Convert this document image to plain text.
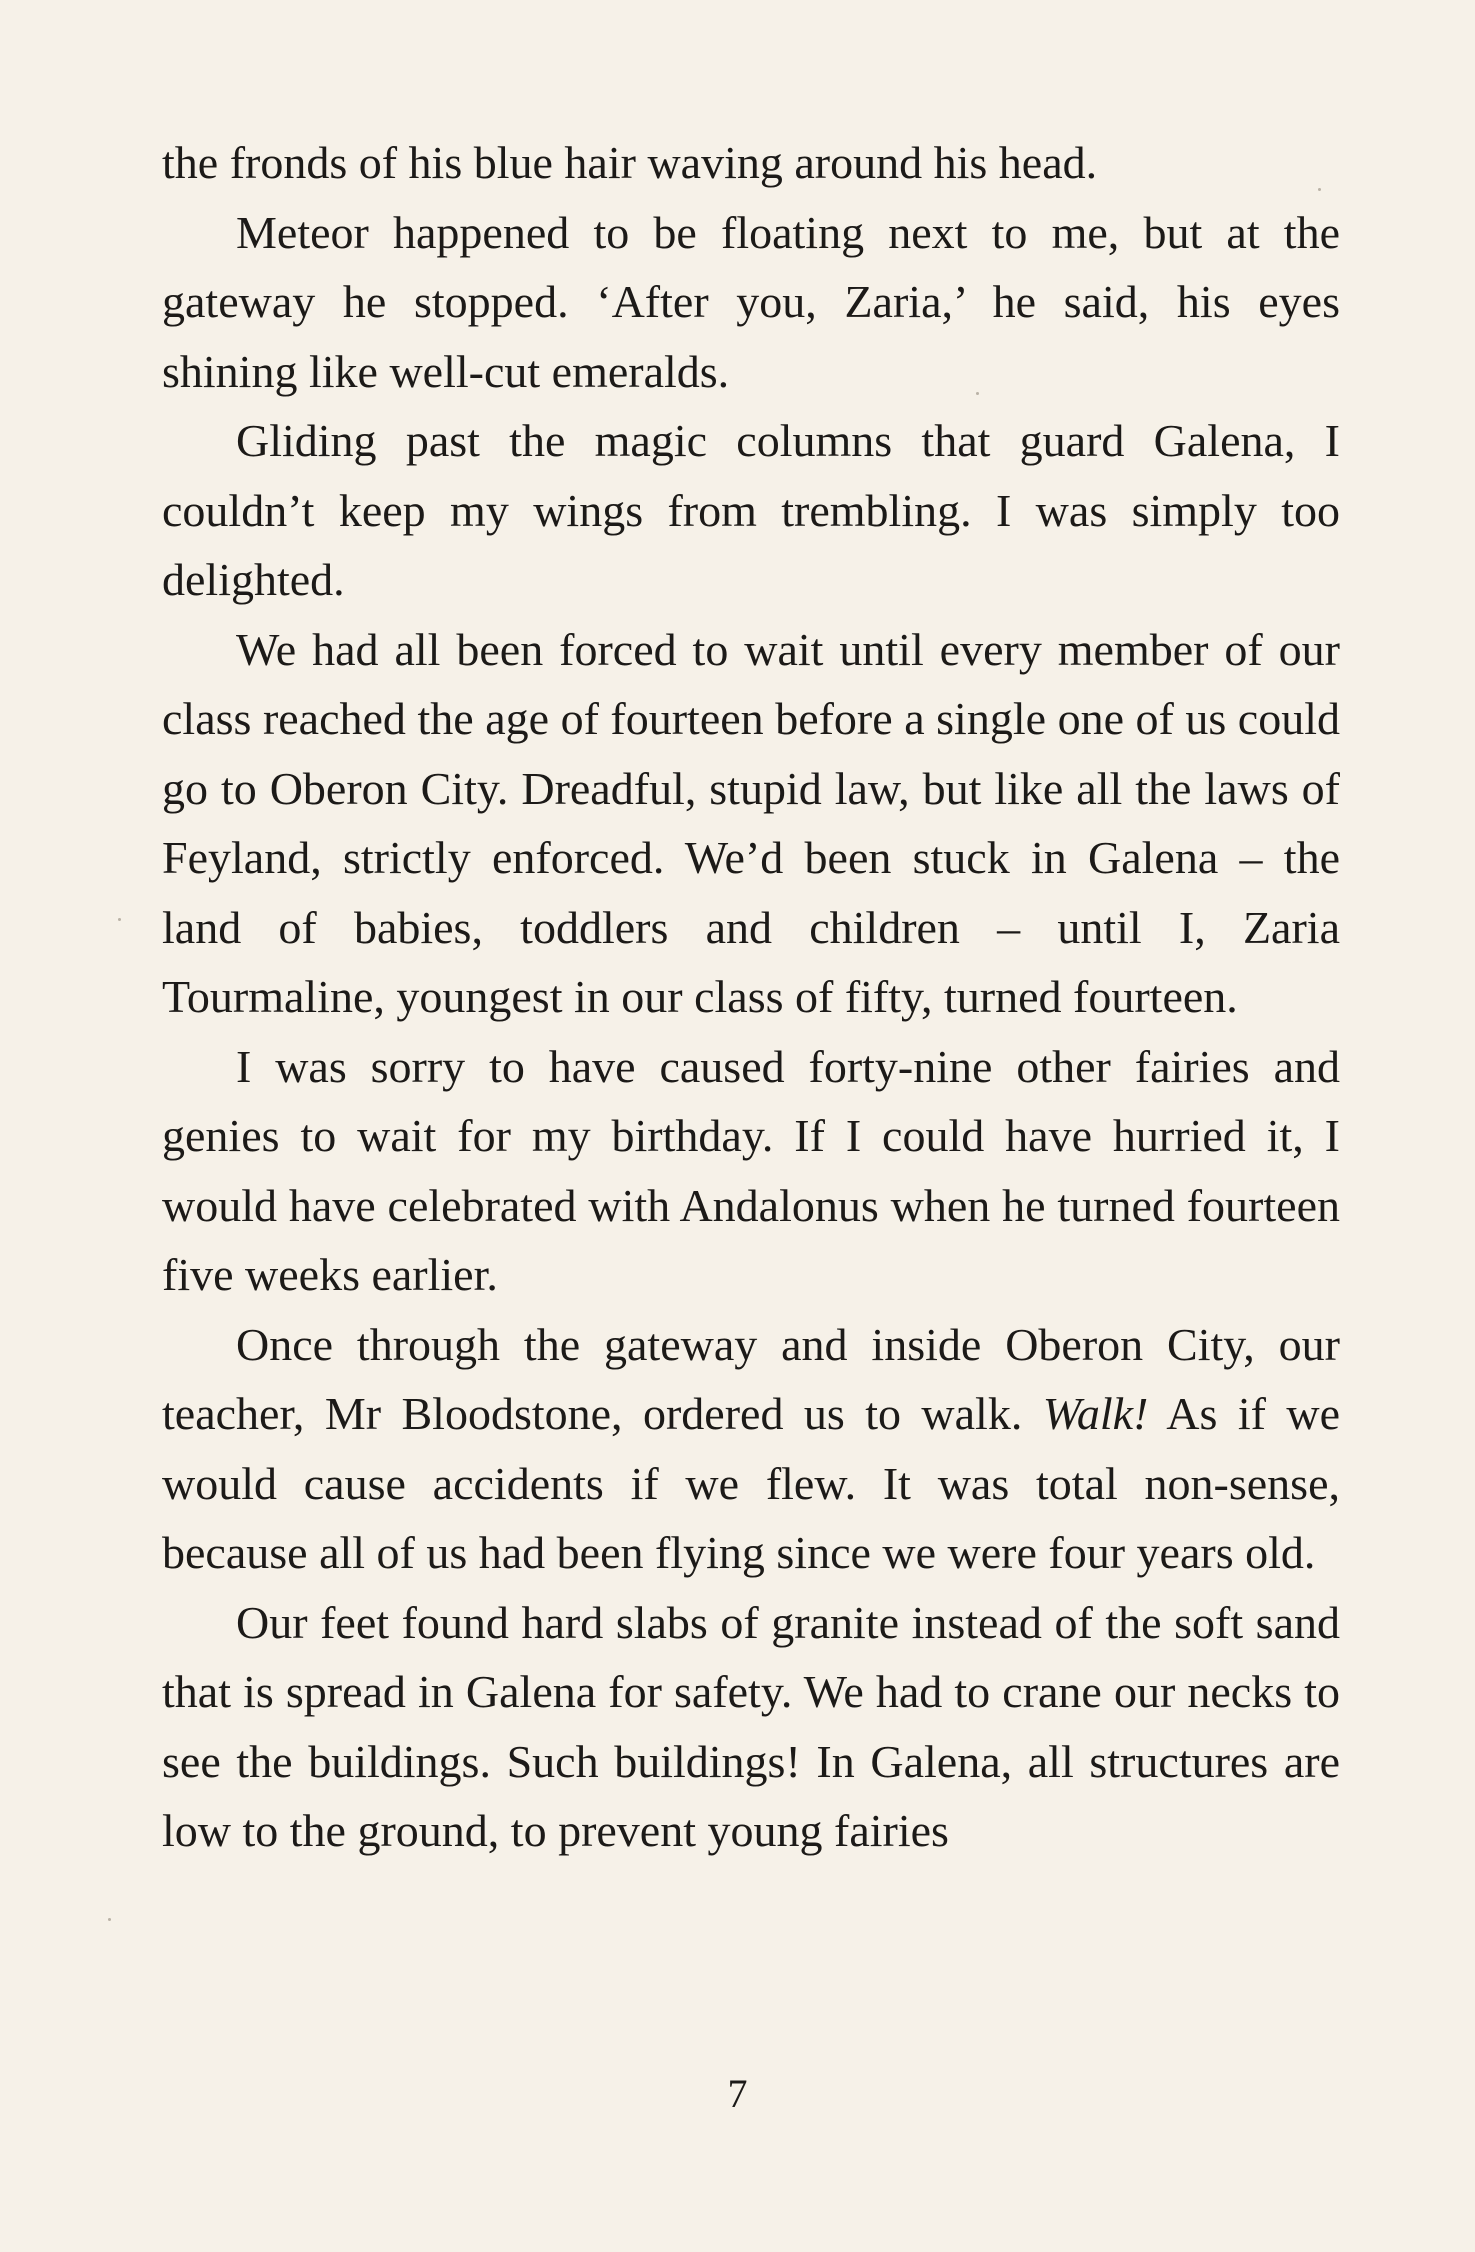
the fronds of his blue hair waving around his head.

Meteor happened to be floating next to me, but at the gateway he stopped. ‘After you, Zaria,’ he said, his eyes shining like well-cut emeralds.

Gliding past the magic columns that guard Galena, I couldn’t keep my wings from trembling. I was simply too delighted.

We had all been forced to wait until every member of our class reached the age of fourteen before a single one of us could go to Oberon City. Dreadful, stupid law, but like all the laws of Feyland, strictly enforced. We’d been stuck in Galena – the land of babies, toddlers and children – until I, Zaria Tourmaline, youngest in our class of fifty, turned fourteen.

I was sorry to have caused forty-nine other fairies and genies to wait for my birthday. If I could have hurried it, I would have celebrated with Andalonus when he turned fourteen five weeks earlier.

Once through the gateway and inside Oberon City, our teacher, Mr Bloodstone, ordered us to walk. Walk! As if we would cause accidents if we flew. It was total non-sense, because all of us had been flying since we were four years old.

Our feet found hard slabs of granite instead of the soft sand that is spread in Galena for safety. We had to crane our necks to see the buildings. Such buildings! In Galena, all structures are low to the ground, to prevent young fairies

7
